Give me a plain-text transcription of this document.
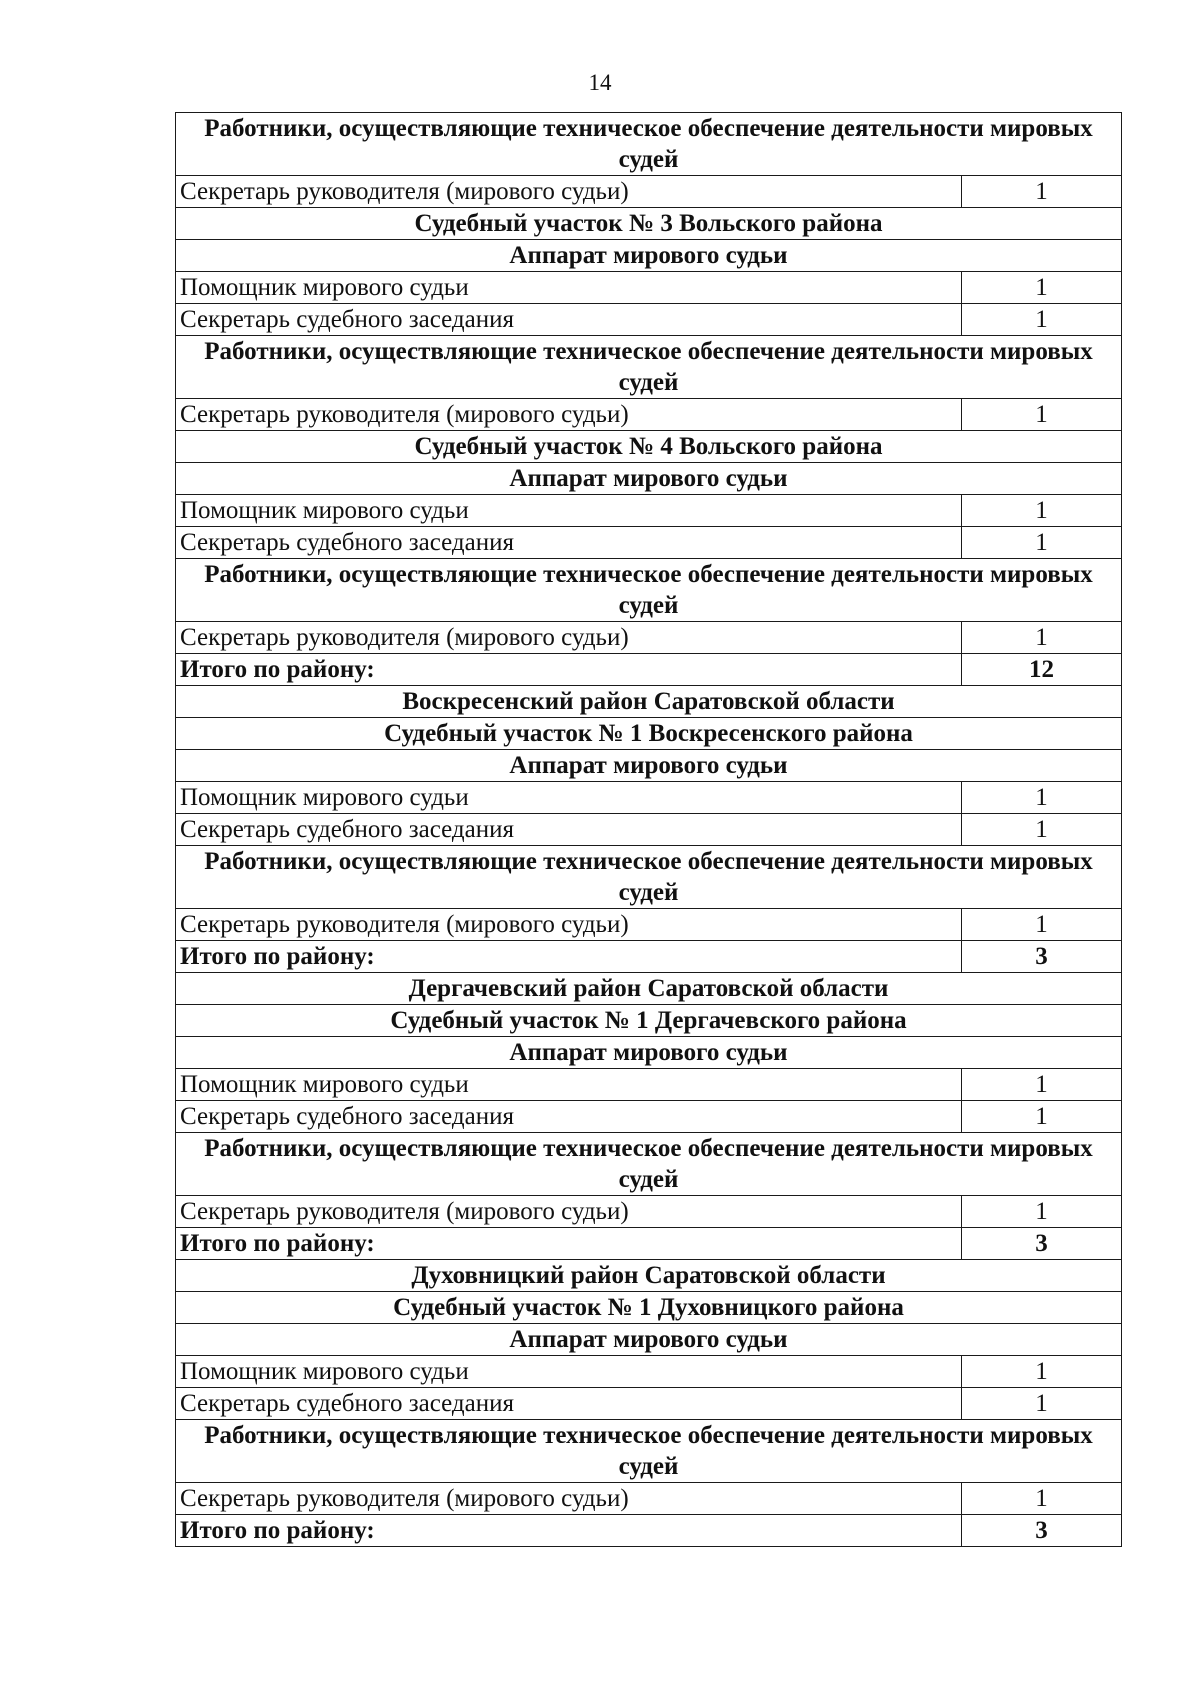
14
Работники, осуществляющие техническое обеспечение деятельности мировых судей	
Секретарь руководителя (мирового судьи)	1
Судебный участок № 3 Вольского района	
Аппарат мирового судьи	
Помощник мирового судьи	1
Секретарь судебного заседания	1
Работники, осуществляющие техническое обеспечение деятельности мировых судей	
Секретарь руководителя (мирового судьи)	1
Судебный участок № 4 Вольского района	
Аппарат мирового судьи	
Помощник мирового судьи	1
Секретарь судебного заседания	1
Работники, осуществляющие техническое обеспечение деятельности мировых судей	
Секретарь руководителя (мирового судьи)	1
Итого по району:	12
Воскресенский район Саратовской области	
Судебный участок № 1 Воскресенского района	
Аппарат мирового судьи	
Помощник мирового судьи	1
Секретарь судебного заседания	1
Работники, осуществляющие техническое обеспечение деятельности мировых судей	
Секретарь руководителя (мирового судьи)	1
Итого по району:	3
Дергачевский район Саратовской области	
Судебный участок № 1 Дергачевского района	
Аппарат мирового судьи	
Помощник мирового судьи	1
Секретарь судебного заседания	1
Работники, осуществляющие техническое обеспечение деятельности мировых судей	
Секретарь руководителя (мирового судьи)	1
Итого по району:	3
Духовницкий район Саратовской области	
Судебный участок № 1 Духовницкого района	
Аппарат мирового судьи	
Помощник мирового судьи	1
Секретарь судебного заседания	1
Работники, осуществляющие техническое обеспечение деятельности мировых судей	
Секретарь руководителя (мирового судьи)	1
Итого по району:	3
